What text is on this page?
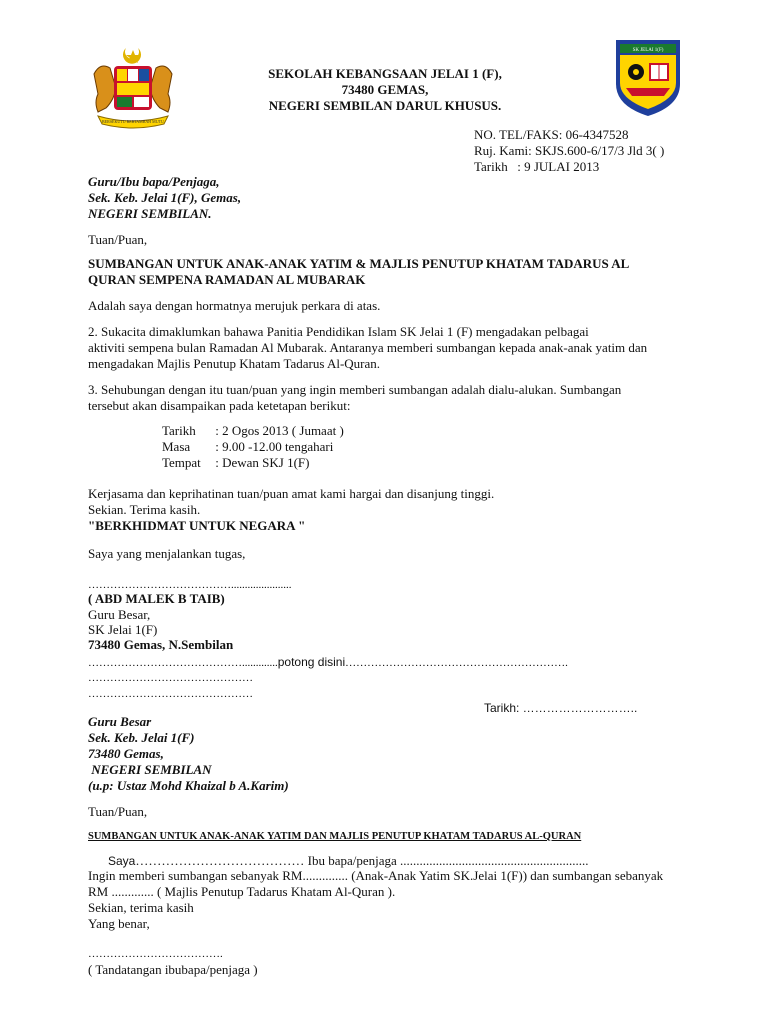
BERSEKUTU BERTAMBAH MUTU
SK JELAI 1(F)
SEKOLAH KEBANGSAAN JELAI 1 (F),
73480 GEMAS,
NEGERI SEMBILAN DARUL KHUSUS.
NO. TEL/FAKS: 06-4347528
Ruj. Kami: SKJS.600-6/17/3 Jld 3( )
Tarikh : 9 JULAI 2013
Guru/Ibu bapa/Penjaga,
Sek. Keb. Jelai 1(F), Gemas,
NEGERI SEMBILAN.
Tuan/Puan,
SUMBANGAN UNTUK ANAK-ANAK YATIM & MAJLIS PENUTUP KHATAM TADARUS AL
QURAN SEMPENA RAMADAN AL MUBARAK
Adalah saya dengan hormatnya merujuk perkara di atas.
2. Sukacita dimaklumkan bahawa Panitia Pendidikan Islam SK Jelai 1 (F) mengadakan pelbagai
aktiviti sempena bulan Ramadan Al Mubarak. Antaranya memberi sumbangan kepada anak-anak yatim dan
mengadakan Majlis Penutup Khatam Tadarus Al-Quran.
3. Sehubungan dengan itu tuan/puan yang ingin memberi sumbangan adalah dialu-alukan. Sumbangan
tersebut akan disampaikan pada ketetapan berikut:
Tarikh : 2 Ogos 2013 ( Jumaat )
Masa : 9.00 -12.00 tengahari
Tempat : Dewan SKJ 1(F)
Kerjasama dan keprihatinan tuan/puan amat kami hargai dan disanjung tinggi.
Sekian. Terima kasih.
"BERKHIDMAT UNTUK NEGARA "
Saya yang menjalankan tugas,
…………………………………......................
( ABD MALEK B TAIB)
Guru Besar,
SK Jelai 1(F)
73480 Gemas, N.Sembilan
…………………………………….............potong disini…………………………………………………….
………………………………………
………………………………………
Tarikh: ………………………..
Guru Besar
Sek. Keb. Jelai 1(F)
73480 Gemas,
NEGERI SEMBILAN
(u.p: Ustaz Mohd Khaizal b A.Karim)
Tuan/Puan,
SUMBANGAN UNTUK ANAK-ANAK YATIM DAN MAJLIS PENUTUP KHATAM TADARUS AL-QURAN
Saya………………………………… Ibu bapa/penjaga ..........................................................
Ingin memberi sumbangan sebanyak RM.............. (Anak-Anak Yatim SK.Jelai 1(F)) dan sumbangan sebanyak
RM ............. ( Majlis Penutup Tadarus Khatam Al-Quran ).
Sekian, terima kasih
Yang benar,
……………………………….
( Tandatangan ibubapa/penjaga )
